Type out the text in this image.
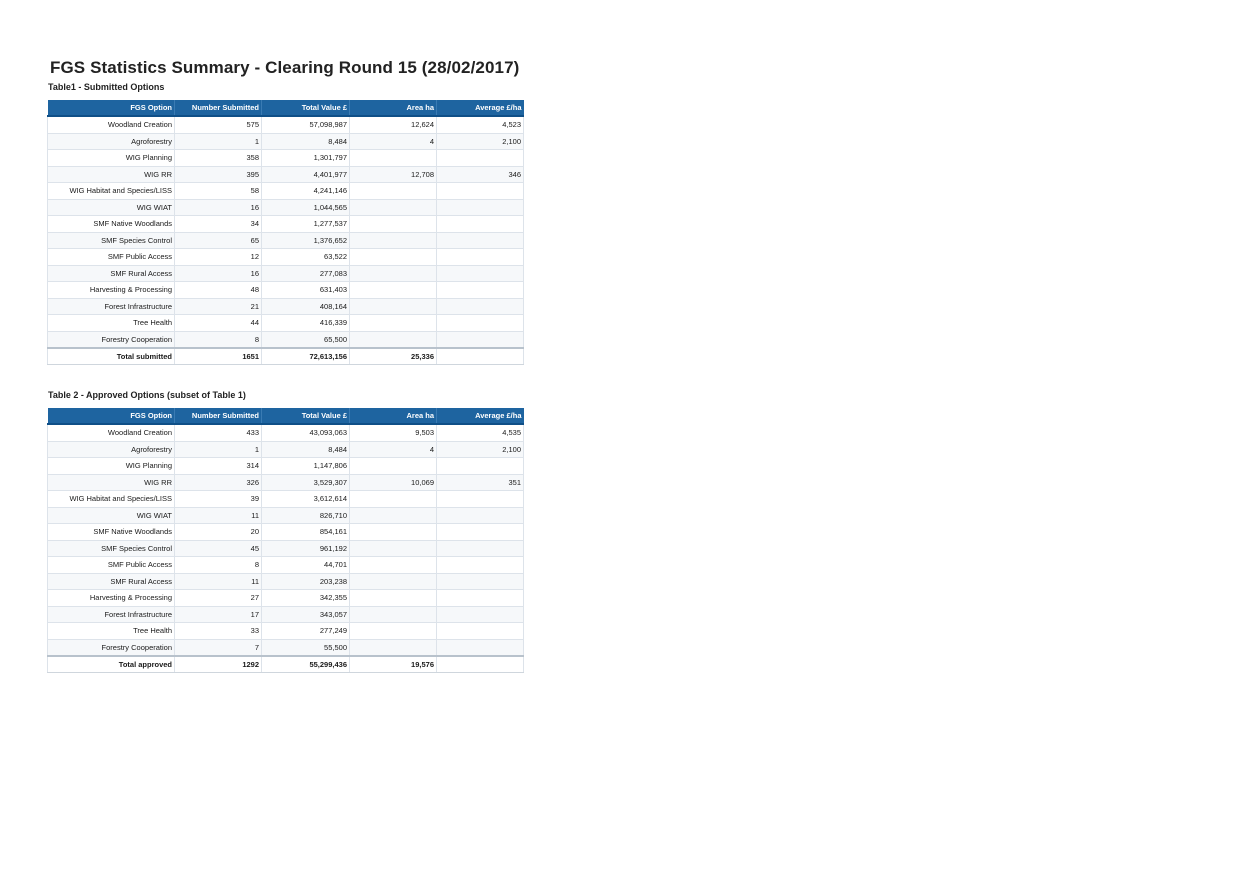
FGS Statistics Summary - Clearing Round 15 (28/02/2017)
Table1 - Submitted Options
FGS Option	Number Submitted	Total Value £	Area ha	Average £/ha
Woodland Creation	575	57,098,987	12,624	4,523
Agroforestry	1	8,484	4	2,100
WIG Planning	358	1,301,797		
WIG RR	395	4,401,977	12,708	346
WIG Habitat and Species/LISS	58	4,241,146		
WIG WIAT	16	1,044,565		
SMF Native Woodlands	34	1,277,537		
SMF Species Control	65	1,376,652		
SMF Public Access	12	63,522		
SMF Rural Access	16	277,083		
Harvesting & Processing	48	631,403		
Forest Infrastructure	21	408,164		
Tree Health	44	416,339		
Forestry Cooperation	8	65,500		
Total submitted	1651	72,613,156	25,336	
Table 2 - Approved Options (subset of Table 1)
FGS Option	Number Submitted	Total Value £	Area ha	Average £/ha
Woodland Creation	433	43,093,063	9,503	4,535
Agroforestry	1	8,484	4	2,100
WIG Planning	314	1,147,806		
WIG RR	326	3,529,307	10,069	351
WIG Habitat and Species/LISS	39	3,612,614		
WIG WIAT	11	826,710		
SMF Native Woodlands	20	854,161		
SMF Species Control	45	961,192		
SMF Public Access	8	44,701		
SMF Rural Access	11	203,238		
Harvesting & Processing	27	342,355		
Forest Infrastructure	17	343,057		
Tree Health	33	277,249		
Forestry Cooperation	7	55,500		
Total approved	1292	55,299,436	19,576	
